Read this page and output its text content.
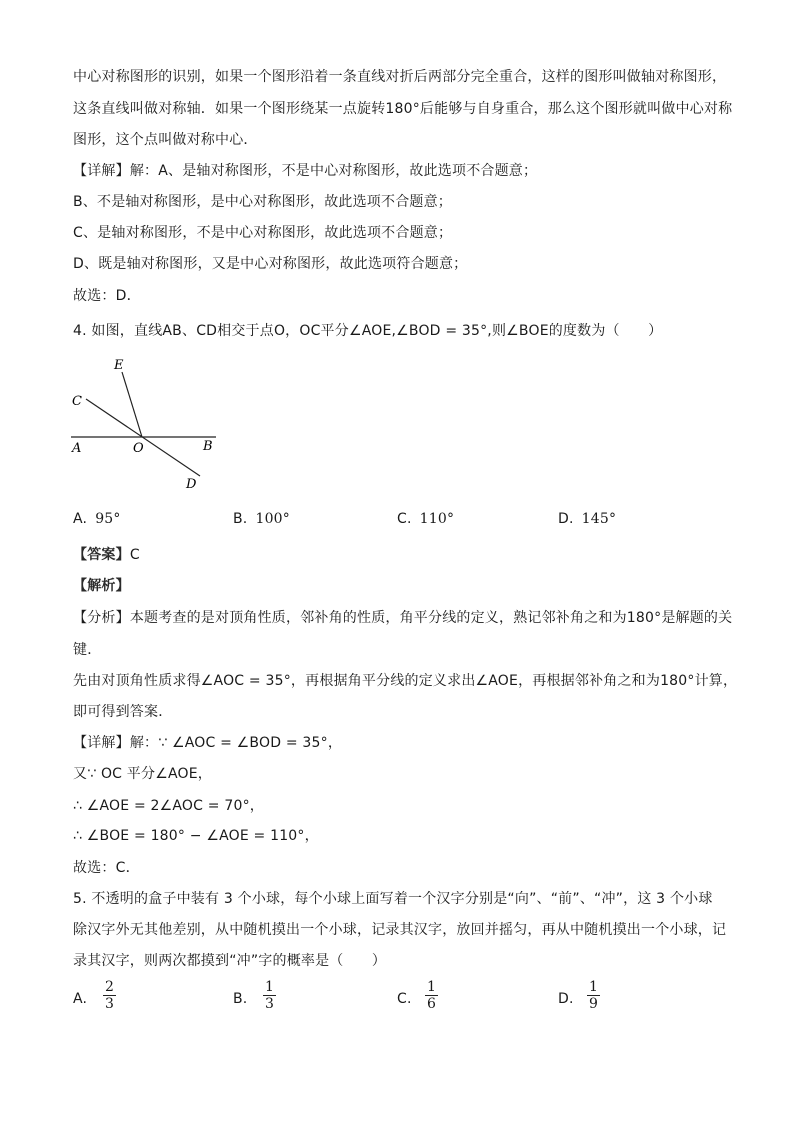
中心对称图形的识别，如果一个图形沿着一条直线对折后两部分完全重合，这样的图形叫做轴对称图形，
这条直线叫做对称轴．如果一个图形绕某一点旋转180°后能够与自身重合，那么这个图形就叫做中心对称
图形，这个点叫做对称中心．
【详解】解：A、是轴对称图形，不是中心对称图形，故此选项不合题意；
B、不是轴对称图形，是中心对称图形，故此选项不合题意；
C、是轴对称图形，不是中心对称图形，故此选项不合题意；
D、既是轴对称图形，又是中心对称图形，故此选项符合题意；
故选：D．
4. 如图，直线AB、CD相交于点O，OC平分∠AOE,∠BOD = 35°,则∠BOE的度数为（　　）
E
C
A	O	B
D
A. 95°	B. 100°	C. 110°	D. 145°
【答案】C
【解析】
【分析】本题考查的是对顶角性质，邻补角的性质，角平分线的定义，熟记邻补角之和为180°是解题的关
键．
先由对顶角性质求得∠AOC = 35°，再根据角平分线的定义求出∠AOE，再根据邻补角之和为180°计算，
即可得到答案．
【详解】解：∵ ∠AOC = ∠BOD = 35°，
又∵ OC 平分∠AOE，
∴ ∠AOE = 2∠AOC = 70°，
∴ ∠BOE = 180° − ∠AOE = 110°，
故选：C．
5. 不透明的盒子中装有 3 个小球，每个小球上面写着一个汉字分别是“向”、“前”、“冲”，这 3 个小球
除汉字外无其他差别，从中随机摸出一个小球，记录其汉字，放回并摇匀，再从中随机摸出一个小球，记
录其汉字，则两次都摸到“冲”字的概率是（　　）
A. $\frac{2}{3}$	B. $\frac{1}{3}$	C. $\frac{1}{6}$	D. $\frac{1}{9}$
